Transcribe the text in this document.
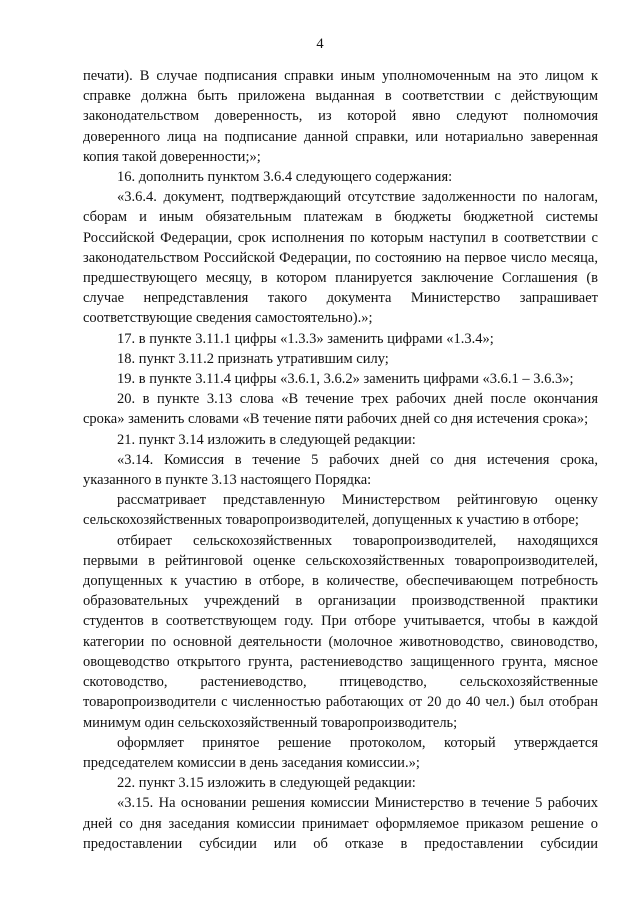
4

печати). В случае подписания справки иным уполномоченным на это лицом к справке должна быть приложена выданная в соответствии с действующим законодательством доверенность, из которой явно следуют полномочия доверенного лица на подписание данной справки, или нотариально заверенная копия такой доверенности;»;

16. дополнить пунктом 3.6.4 следующего содержания:

«3.6.4. документ, подтверждающий отсутствие задолженности по налогам, сборам и иным обязательным платежам в бюджеты бюджетной системы Российской Федерации, срок исполнения по которым наступил в соответствии с законодательством Российской Федерации, по состоянию на первое число месяца, предшествующего месяцу, в котором планируется заключение Соглашения (в случае непредставления такого документа Министерство запрашивает соответствующие сведения самостоятельно).»;

17. в пункте 3.11.1 цифры «1.3.3» заменить цифрами «1.3.4»;

18. пункт 3.11.2 признать утратившим силу;

19. в пункте 3.11.4 цифры «3.6.1, 3.6.2» заменить цифрами «3.6.1 – 3.6.3»;

20. в пункте 3.13 слова «В течение трех рабочих дней после окончания срока» заменить словами «В течение пяти рабочих дней со дня истечения срока»;

21. пункт 3.14 изложить в следующей редакции:

«3.14. Комиссия в течение 5 рабочих дней со дня истечения срока, указанного в пункте 3.13 настоящего Порядка:

рассматривает представленную Министерством рейтинговую оценку сельскохозяйственных товаропроизводителей, допущенных к участию в отборе;

отбирает сельскохозяйственных товаропроизводителей, находящихся первыми в рейтинговой оценке сельскохозяйственных товаропроизводителей, допущенных к участию в отборе, в количестве, обеспечивающем потребность образовательных учреждений в организации производственной практики студентов в соответствующем году. При отборе учитывается, чтобы в каждой категории по основной деятельности (молочное животноводство, свиноводство, овощеводство открытого грунта, растениеводство защищенного грунта, мясное скотоводство, растениеводство, птицеводство, сельскохозяйственные товаропроизводители с численностью работающих от 20 до 40 чел.) был отобран минимум один сельскохозяйственный товаропроизводитель;

оформляет принятое решение протоколом, который утверждается председателем комиссии в день заседания комиссии.»;

22. пункт 3.15 изложить в следующей редакции:

«3.15. На основании решения комиссии Министерство в течение 5 рабочих дней со дня заседания комиссии принимает оформляемое приказом решение о предоставлении субсидии или об отказе в предоставлении субсидии
